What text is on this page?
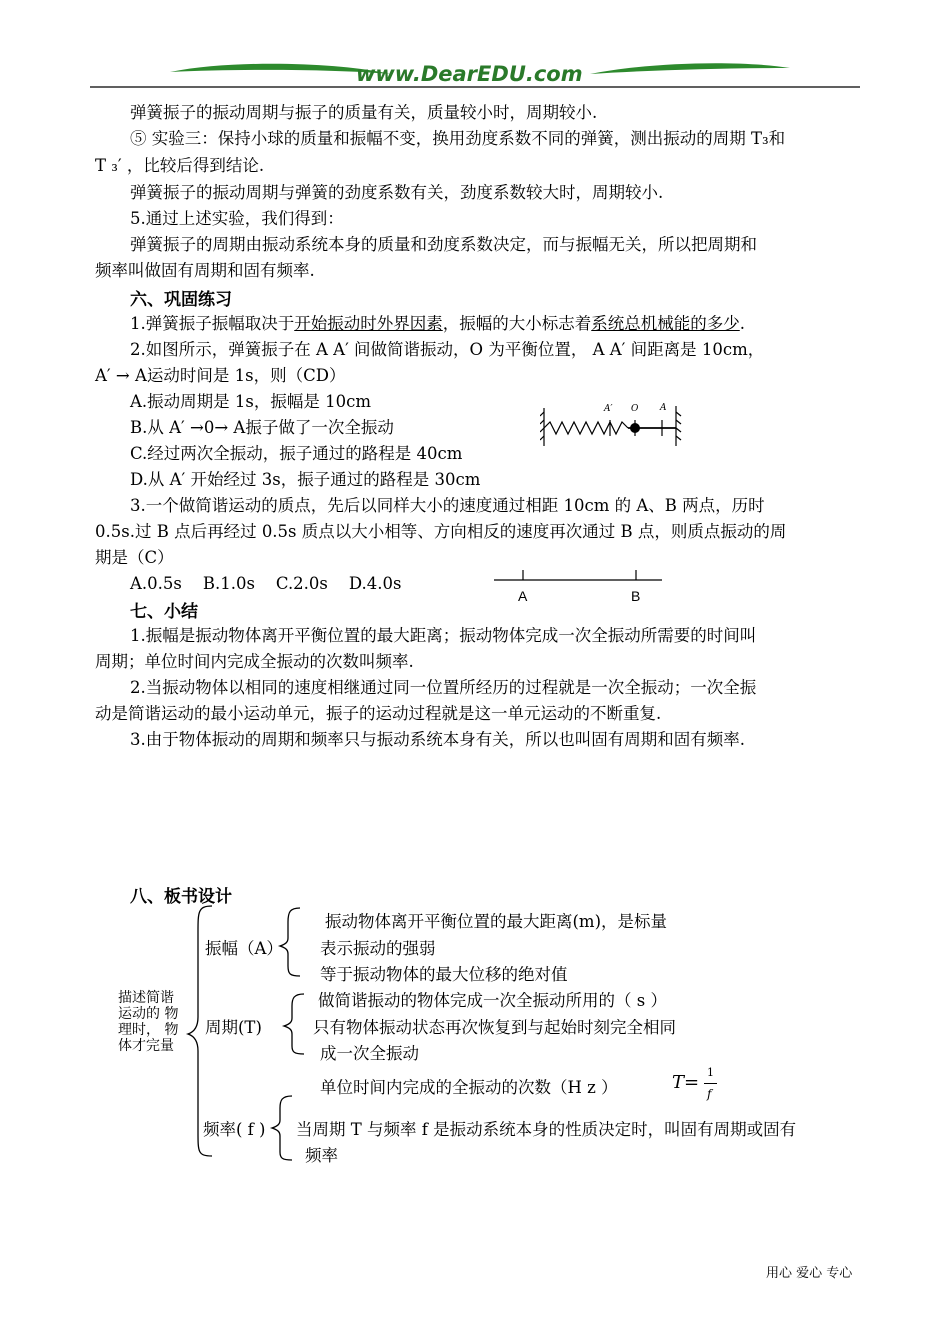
www.DearEDU.com
弹簧振子的振动周期与振子的质量有关，质量较小时，周期较小.
⑤ 实验三：保持小球的质量和振幅不变，换用劲度系数不同的弹簧，测出振动的周期 T₃和
T ₃′ ，比较后得到结论.
弹簧振子的振动周期与弹簧的劲度系数有关，劲度系数较大时，周期较小.
5.通过上述实验，我们得到：
弹簧振子的周期由振动系统本身的质量和劲度系数决定，而与振幅无关，所以把周期和
频率叫做固有周期和固有频率.
六、巩固练习
1.弹簧振子振幅取决于开始振动时外界因素，振幅的大小标志着系统总机械能的多少.
2.如图所示，弹簧振子在 A A′ 间做简谐振动，O 为平衡位置， A A′ 间距离是 10cm，
A′ → A运动时间是 1s，则（CD）
A.振动周期是 1s，振幅是 10cm
B.从 A′ →0→ A振子做了一次全振动
C.经过两次全振动，振子通过的路程是 40cm
D.从 A′ 开始经过 3s，振子通过的路程是 30cm
A′ O A
3.一个做简谐运动的质点，先后以同样大小的速度通过相距 10cm 的 A、B 两点，历时
0.5s.过 B 点后再经过 0.5s 质点以大小相等、方向相反的速度再次通过 B 点，则质点振动的周
期是（C）
A.0.5s    B.1.0s    C.2.0s    D.4.0s
A	B
七、小结
1.振幅是振动物体离开平衡位置的最大距离；振动物体完成一次全振动所需要的时间叫
周期；单位时间内完成全振动的次数叫频率.
2.当振动物体以相同的速度相继通过同一位置所经历的过程就是一次全振动；一次全振
动是简谐运动的最小运动单元，振子的运动过程就是这一单元运动的不断重复.
3.由于物体振动的周期和频率只与振动系统本身有关，所以也叫固有周期和固有频率.
八、板书设计
描述简谐运动的 物 理时， 物体才完量
振幅（A）
振动物体离开平衡位置的最大距离(m)，是标量
表示振动的强弱
等于振动物体的最大位移的绝对值
周期(T)
做简谐振动的物体完成一次全振动所用的（ s ）
只有物体振动状态再次恢复到与起始时刻完全相同
成一次全振动
单位时间内完成的全振动的次数（H z ）	T= 1
f
频率( f ) 当周期 T 与频率 f 是振动系统本身的性质决定时，叫固有周期或固有
频率
用心 爱心 专心
